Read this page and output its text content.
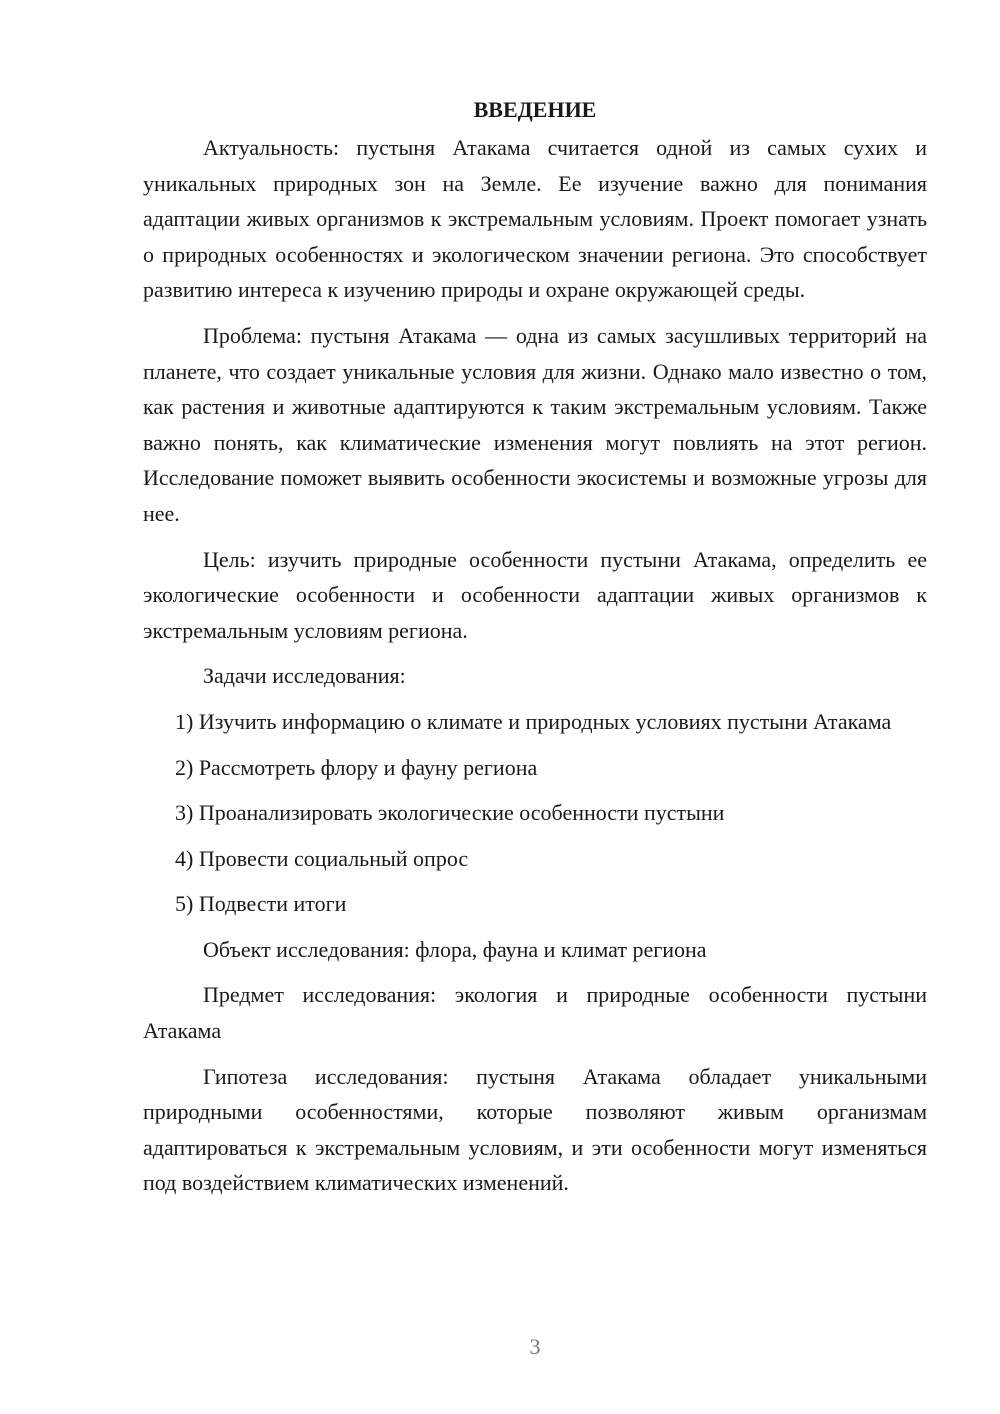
ВВЕДЕНИЕ

Актуальность: пустыня Атакама считается одной из самых сухих и уникальных природных зон на Земле. Ее изучение важно для понимания адаптации живых организмов к экстремальным условиям. Проект помогает узнать о природных особенностях и экологическом значении региона. Это способствует развитию интереса к изучению природы и охране окружающей среды.

Проблема: пустыня Атакама — одна из самых засушливых территорий на планете, что создает уникальные условия для жизни. Однако мало известно о том, как растения и животные адаптируются к таким экстремальным условиям. Также важно понять, как климатические изменения могут повлиять на этот регион. Исследование поможет выявить особенности экосистемы и возможные угрозы для нее.

Цель: изучить природные особенности пустыни Атакама, определить ее экологические особенности и особенности адаптации живых организмов к экстремальным условиям региона.

Задачи исследования:

1) Изучить информацию о климате и природных условиях пустыни Атакама

2) Рассмотреть флору и фауну региона

3) Проанализировать экологические особенности пустыни

4) Провести социальный опрос

5) Подвести итоги

Объект исследования: флора, фауна и климат региона

Предмет исследования: экология и природные особенности пустыни Атакама

Гипотеза исследования: пустыня Атакама обладает уникальными природными особенностями, которые позволяют живым организмам адаптироваться к экстремальным условиям, и эти особенности могут изменяться под воздействием климатических изменений.

3
